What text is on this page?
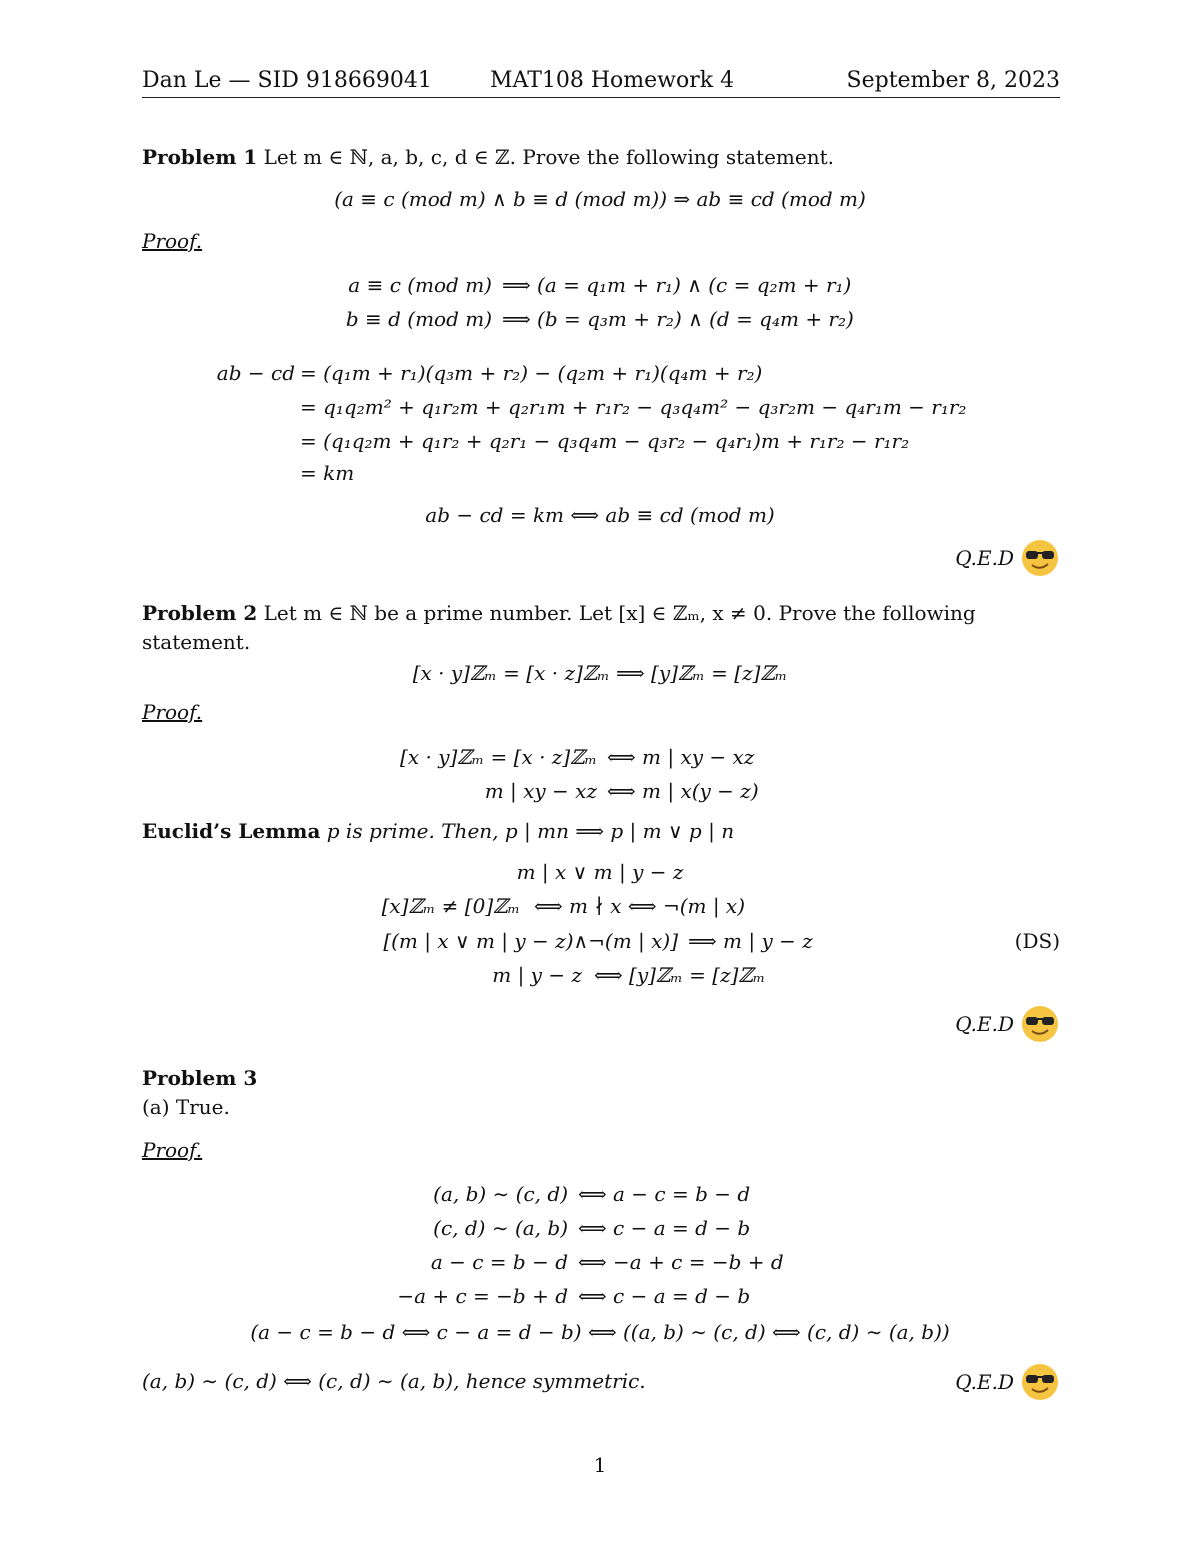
Dan Le — SID 918669041	MAT108 Homework 4	September 8, 2023
Problem 1 Let m ∈ ℕ, a, b, c, d ∈ ℤ. Prove the following statement.
(a ≡ c (mod m) ∧ b ≡ d (mod m)) ⇒ ab ≡ cd (mod m)
Proof.
a ≡ c (mod m) ⟹ (a = q₁m + r₁) ∧ (c = q₂m + r₁)
b ≡ d (mod m) ⟹ (b = q₃m + r₂) ∧ (d = q₄m + r₂)
ab − cd = (q₁m + r₁)(q₃m + r₂) − (q₂m + r₁)(q₄m + r₂)
= q₁q₂m² + q₁r₂m + q₂r₁m + r₁r₂ − q₃q₄m² − q₃r₂m − q₄r₁m − r₁r₂
= (q₁q₂m + q₁r₂ + q₂r₁ − q₃q₄m − q₃r₂ − q₄r₁)m + r₁r₂ − r₁r₂
= km
ab − cd = km ⟺ ab ≡ cd (mod m)
Q.E.D
Problem 2 Let m ∈ ℕ be a prime number. Let [x] ∈ ℤₘ, x ≠ 0. Prove the following
statement.
[x · y]ℤₘ = [x · z]ℤₘ ⟹ [y]ℤₘ = [z]ℤₘ
Proof.
[x · y]ℤₘ = [x · z]ℤₘ ⟺ m | xy − xz
m | xy − xz ⟺ m | x(y − z)
Euclid’s Lemma p is prime. Then, p | mn ⟹ p | m ∨ p | n
m | x ∨ m | y − z
[x]ℤₘ ≠ [0]ℤₘ ⟺ m ∤ x ⟺ ¬(m | x)
[(m | x ∨ m | y − z)∧¬(m | x)] ⟹ m | y − z	(DS)
m | y − z ⟺ [y]ℤₘ = [z]ℤₘ
Q.E.D
Problem 3
(a) True.
Proof.
(a, b) ∼ (c, d) ⟺ a − c = b − d
(c, d) ∼ (a, b) ⟺ c − a = d − b
a − c = b − d ⟺ −a + c = −b + d
−a + c = −b + d ⟺ c − a = d − b
(a − c = b − d ⟺ c − a = d − b) ⟺ ((a, b) ∼ (c, d) ⟺ (c, d) ∼ (a, b))
(a, b) ∼ (c, d) ⟺ (c, d) ∼ (a, b), hence symmetric.	Q.E.D
1
